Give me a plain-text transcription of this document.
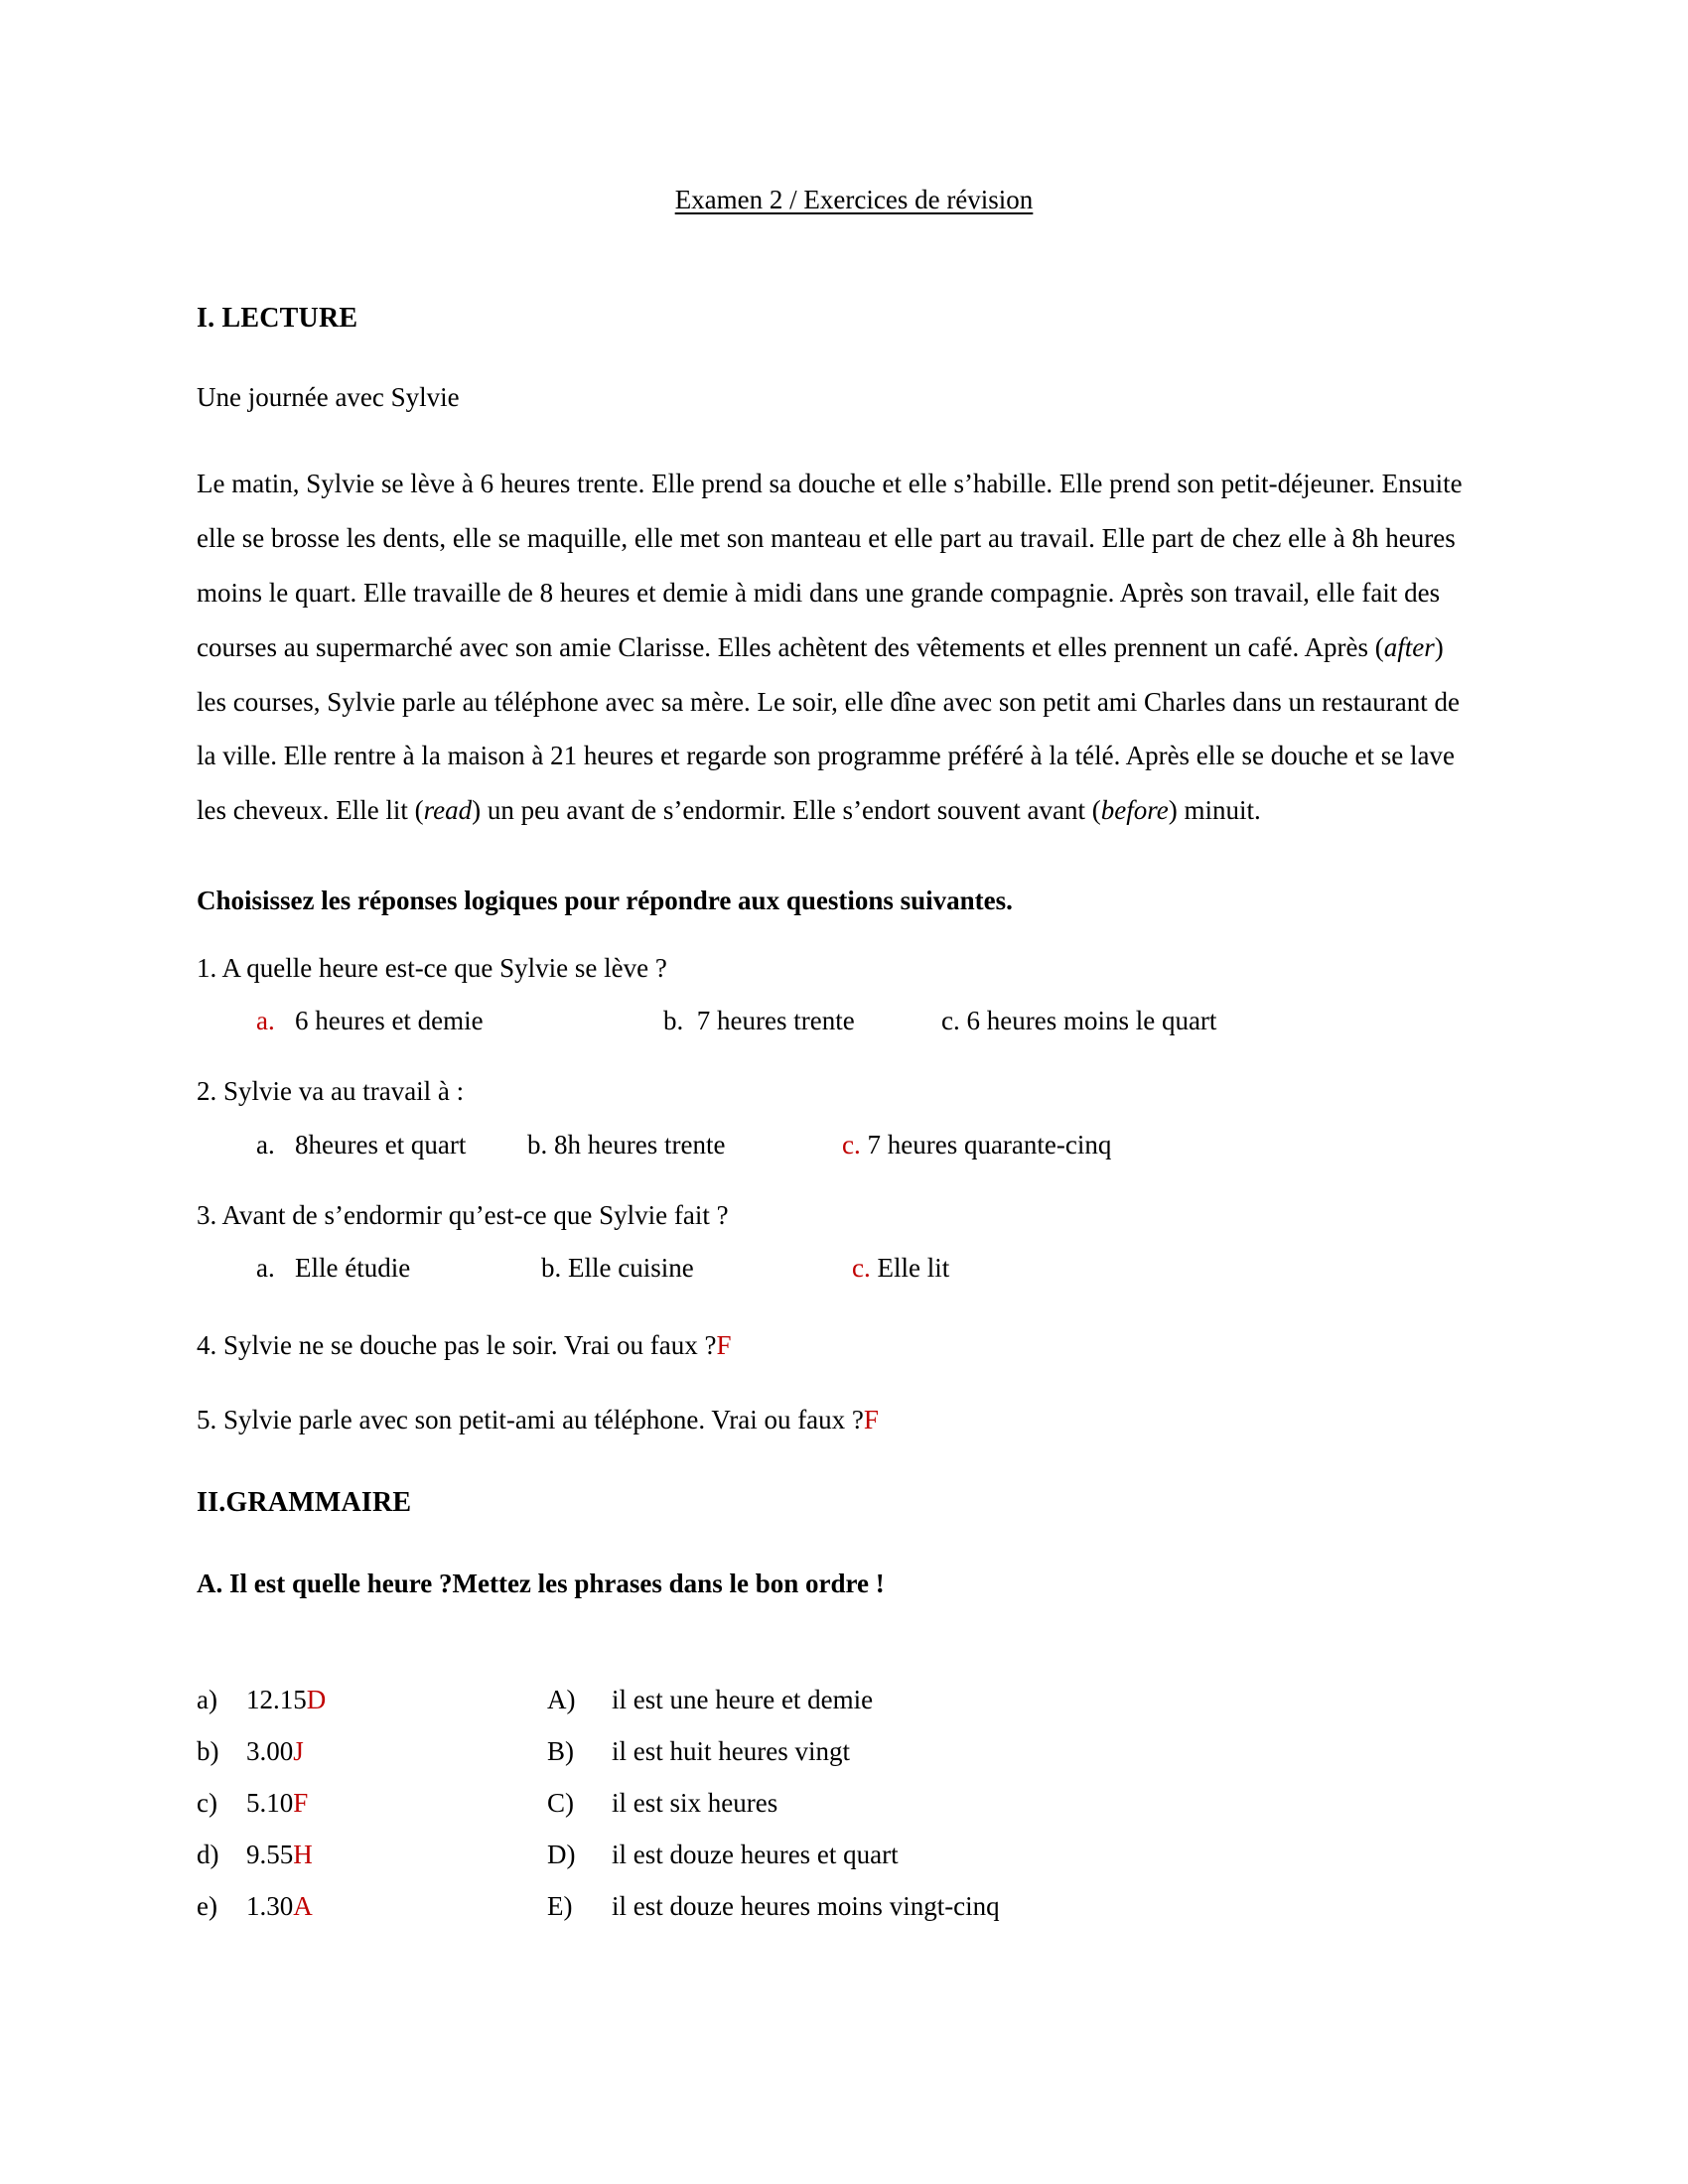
Examen 2 / Exercices de révision
I. LECTURE
Une journée avec Sylvie
Le matin, Sylvie se lève à 6 heures trente. Elle prend sa douche et elle s’habille. Elle prend son petit-déjeuner. Ensuite elle se brosse les dents, elle se maquille, elle met son manteau et elle part au travail. Elle part de chez elle à 8h heures moins le quart. Elle travaille de 8 heures et demie à midi dans une grande compagnie. Après son travail, elle fait des courses au supermarché avec son amie Clarisse. Elles achètent des vêtements et elles prennent un café. Après (after) les courses, Sylvie parle au téléphone avec sa mère. Le soir, elle dîne avec son petit ami Charles dans un restaurant de la ville. Elle rentre à la maison à 21 heures et regarde son programme préféré à la télé. Après elle se douche et se lave les cheveux. Elle lit (read) un peu avant de s’endormir. Elle s’endort souvent avant (before) minuit.
Choisissez les réponses logiques pour répondre aux questions suivantes.
1. A quelle heure est-ce que Sylvie se lève ?
a. 6 heures et demie	b. 7 heures trente	c. 6 heures moins le quart
2. Sylvie va au travail à :
a. 8heures et quart b. 8h heures trente	c. 7 heures quarante-cinq
3. Avant de s’endormir qu’est-ce que Sylvie fait ?
a. Elle étudie	b. Elle cuisine	c. Elle lit
4. Sylvie ne se douche pas le soir. Vrai ou faux ?F
5. Sylvie parle avec son petit-ami au téléphone. Vrai ou faux ?F
II.GRAMMAIRE
A. Il est quelle heure ?Mettez les phrases dans le bon ordre !
a) 12.15D	A) il est une heure et demie
b) 3.00J	B) il est huit heures vingt
c) 5.10F	C) il est six heures
d) 9.55H	D) il est douze heures et quart
e) 1.30A	E) il est douze heures moins vingt-cinq
